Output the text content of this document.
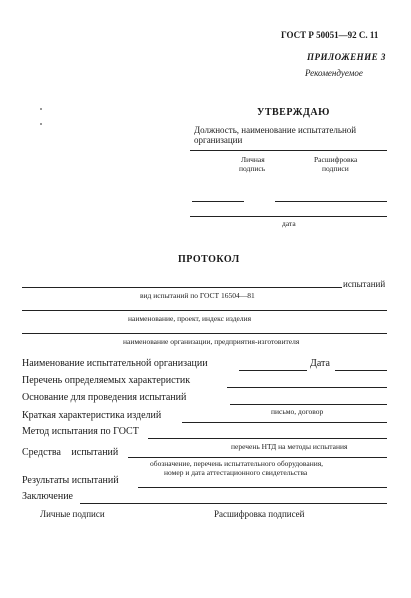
ГОСТ Р 50051—92 С. 11
ПРИЛОЖЕНИЕ 3
Рекомендуемое
УТВЕРЖДАЮ
Должность, наименование испытательной
организации
Личная
подпись
Расшифровка
подписи
дата
ПРОТОКОЛ
испытаний
вид испытаний по ГОСТ 16504—81
наименование, проект, индекс изделия
наименование организации, предприятия-изготовителя
Наименование испытательной организации	Дата
Перечень определяемых характеристик
Основание для проведения испытаний
письмо, договор
Краткая характеристика изделий
Метод испытания по ГОСТ
перечень НТД на методы испытания
Средства испытаний
обозначение, перечень испытательного оборудования,
номер и дата аттестационного свидетельства
Результаты испытаний
Заключение
Личные подписи	Расшифровка подписей
